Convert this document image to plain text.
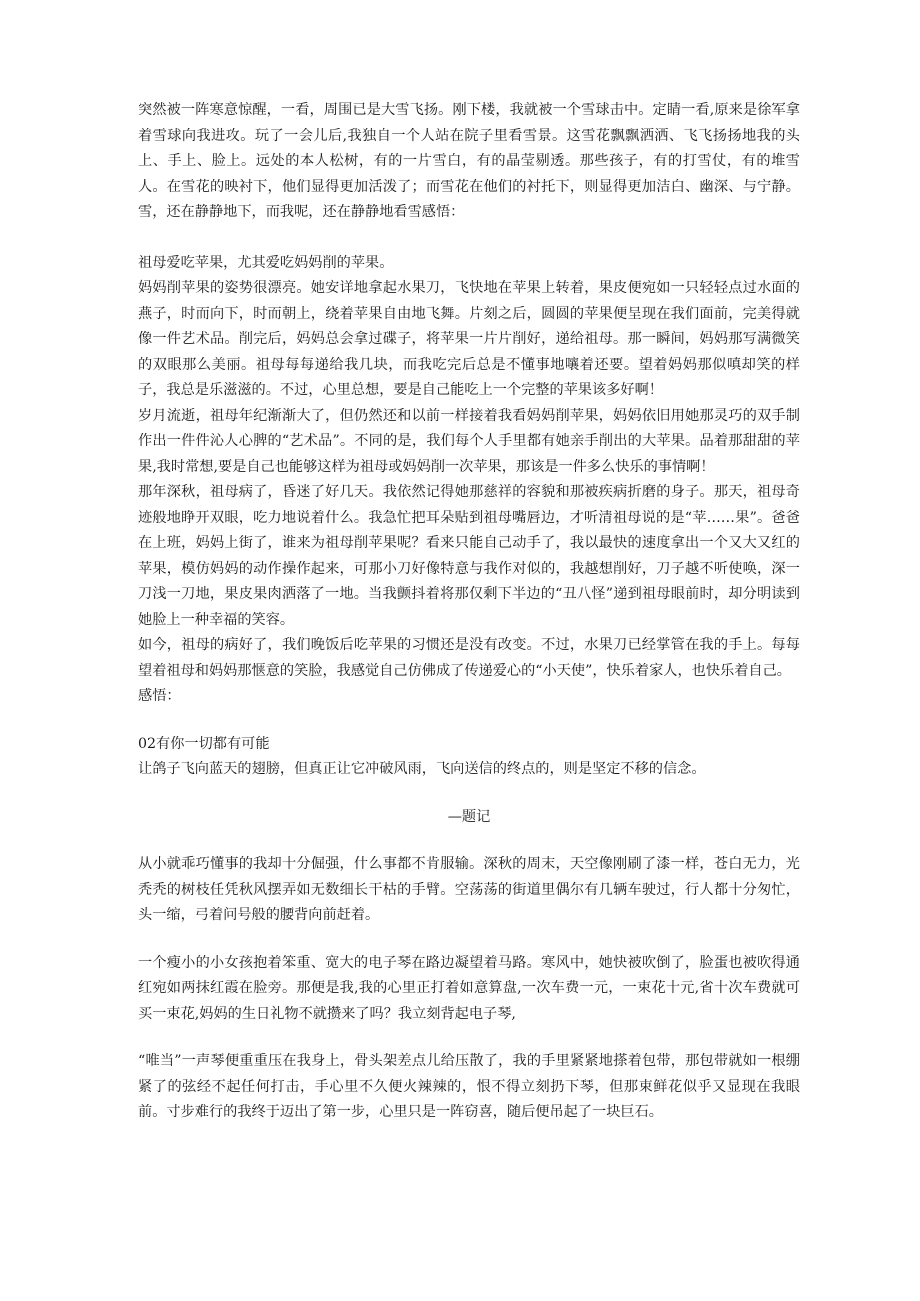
突然被一阵寒意惊醒，一看，周围已是大雪飞扬。刚下楼，我就被一个雪球击中。定睛一看,原来是徐军拿着雪球向我进攻。玩了一会儿后,我独自一个人站在院子里看雪景。这雪花飘飘洒洒、飞飞扬扬地我的头上、手上、脸上。远处的本人松树，有的一片雪白，有的晶莹剔透。那些孩子，有的打雪仗，有的堆雪人。在雪花的映衬下，他们显得更加活泼了；而雪花在他们的衬托下，则显得更加洁白、幽深、与宁静。雪，还在静静地下，而我呢，还在静静地看雪感悟：

祖母爱吃苹果，尤其爱吃妈妈削的苹果。

妈妈削苹果的姿势很漂亮。她安详地拿起水果刀，飞快地在苹果上转着，果皮便宛如一只轻轻点过水面的燕子，时而向下，时而朝上，绕着苹果自由地飞舞。片刻之后，圆圆的苹果便呈现在我们面前，完美得就像一件艺术品。削完后，妈妈总会拿过碟子，将苹果一片片削好，递给祖母。那一瞬间，妈妈那写满微笑的双眼那么美丽。祖母每每递给我几块，而我吃完后总是不懂事地嚷着还要。望着妈妈那似嗔却笑的样子，我总是乐滋滋的。不过，心里总想，要是自己能吃上一个完整的苹果该多好啊！

岁月流逝，祖母年纪渐渐大了，但仍然还和以前一样接着我看妈妈削苹果，妈妈依旧用她那灵巧的双手制作出一件件沁人心脾的“艺术品”。不同的是，我们每个人手里都有她亲手削出的大苹果。品着那甜甜的苹果,我时常想,要是自己也能够这样为祖母或妈妈削一次苹果，那该是一件多么快乐的事情啊！

那年深秋，祖母病了，昏迷了好几天。我依然记得她那慈祥的容貌和那被疾病折磨的身子。那天，祖母奇迹般地睁开双眼，吃力地说着什么。我急忙把耳朵贴到祖母嘴唇边，才听清祖母说的是“苹……果”。爸爸在上班，妈妈上街了，谁来为祖母削苹果呢？看来只能自己动手了，我以最快的速度拿出一个又大又红的苹果，模仿妈妈的动作操作起来，可那小刀好像特意与我作对似的，我越想削好，刀子越不听使唤，深一刀浅一刀地，果皮果肉洒落了一地。当我颤抖着将那仅剩下半边的“丑八怪”递到祖母眼前时，却分明读到她脸上一种幸福的笑容。

如今，祖母的病好了，我们晚饭后吃苹果的习惯还是没有改变。不过，水果刀已经掌管在我的手上。每每望着祖母和妈妈那惬意的笑脸，我感觉自己仿佛成了传递爱心的“小天使”，快乐着家人，也快乐着自己。

感悟：

02有你一切都有可能

让鸽子飞向蓝天的翅膀，但真正让它冲破风雨，飞向送信的终点的，则是坚定不移的信念。

—题记

从小就乖巧懂事的我却十分倔强，什么事都不肯服输。深秋的周末，天空像刚刷了漆一样，苍白无力，光秃秃的树枝任凭秋风摆弄如无数细长干枯的手臂。空荡荡的街道里偶尔有几辆车驶过，行人都十分匆忙，头一缩，弓着问号般的腰背向前赶着。

一个瘦小的小女孩抱着笨重、宽大的电子琴在路边凝望着马路。寒风中，她快被吹倒了，脸蛋也被吹得通红宛如两抹红霞在脸旁。那便是我,我的心里正打着如意算盘,一次车费一元，一束花十元,省十次车费就可买一束花,妈妈的生日礼物不就攒来了吗？我立刻背起电子琴,

“唯当”一声琴便重重压在我身上，骨头架差点儿给压散了，我的手里紧紧地搽着包带，那包带就如一根绷紧了的弦经不起任何打击，手心里不久便火辣辣的，恨不得立刻扔下琴，但那束鲜花似乎又显现在我眼前。寸步难行的我终于迈出了第一步，心里只是一阵窃喜，随后便吊起了一块巨石。
